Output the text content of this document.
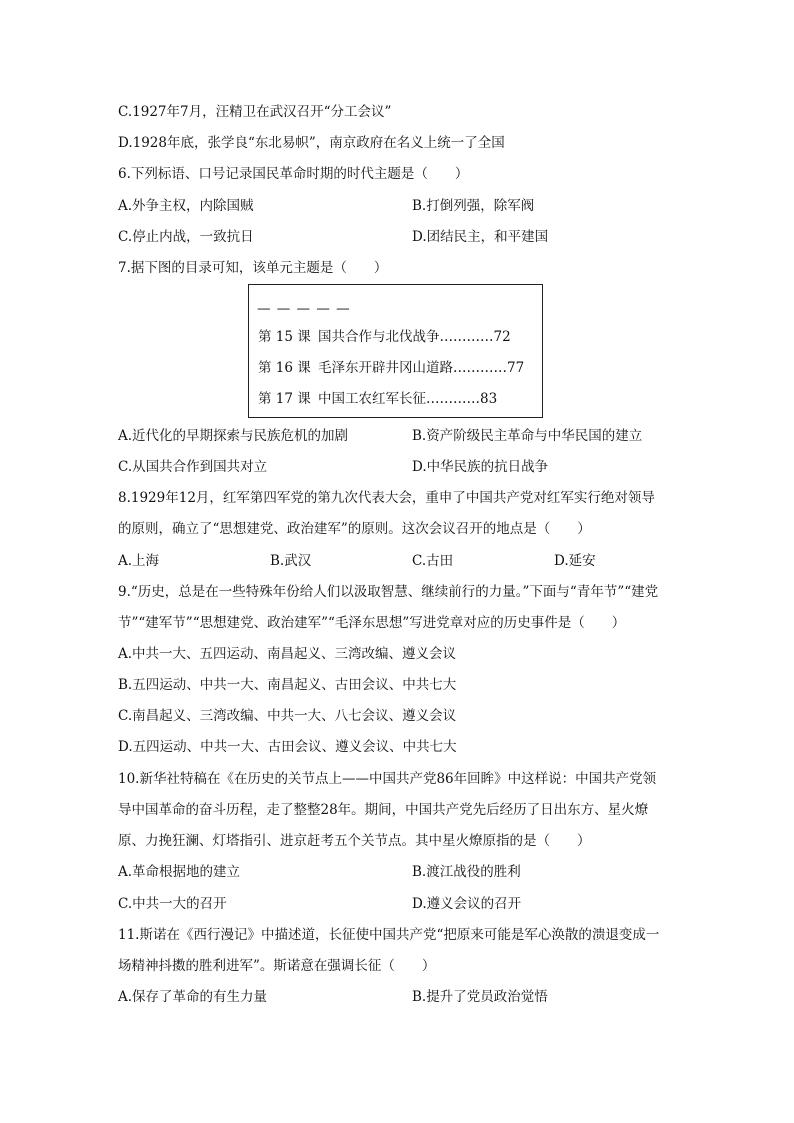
C.1927年7月，汪精卫在武汉召开“分工会议”
D.1928年底，张学良“东北易帜”，南京政府在名义上统一了全国
6.下列标语、口号记录国民革命时期的时代主题是（　　）
A.外争主权，内除国贼	B.打倒列强，除军阀
C.停止内战，一致抗日	D.团结民主，和平建国
7.据下图的目录可知，该单元主题是（　　）
— — — — —
第 15 课 国共合作与北伐战争…………72
第 16 课 毛泽东开辟井冈山道路…………77
第 17 课 中国工农红军长征…………83
A.近代化的早期探索与民族危机的加剧	B.资产阶级民主革命与中华民国的建立
C.从国共合作到国共对立	D.中华民族的抗日战争
8.1929年12月，红军第四军党的第九次代表大会，重申了中国共产党对红军实行绝对领导
的原则，确立了“思想建党、政治建军”的原则。这次会议召开的地点是（　　）
A.上海	B.武汉	C.古田	D.延安
9.“历史，总是在一些特殊年份给人们以汲取智慧、继续前行的力量。”下面与“青年节”“建党
节”“建军节”“思想建党、政治建军”“毛泽东思想”写进党章对应的历史事件是（　　）
A.中共一大、五四运动、南昌起义、三湾改编、遵义会议
B.五四运动、中共一大、南昌起义、古田会议、中共七大
C.南昌起义、三湾改编、中共一大、八七会议、遵义会议
D.五四运动、中共一大、古田会议、遵义会议、中共七大
10.新华社特稿在《在历史的关节点上——中国共产党86年回眸》中这样说：中国共产党领
导中国革命的奋斗历程，走了整整28年。期间，中国共产党先后经历了日出东方、星火燎
原、力挽狂澜、灯塔指引、进京赶考五个关节点。其中星火燎原指的是（　　）
A.革命根据地的建立	B.渡江战役的胜利
C.中共一大的召开	D.遵义会议的召开
11.斯诺在《西行漫记》中描述道，长征使中国共产党“把原来可能是军心涣散的溃退变成一
场精神抖擞的胜利进军”。斯诺意在强调长征（　　）
A.保存了革命的有生力量	B.提升了党员政治觉悟
